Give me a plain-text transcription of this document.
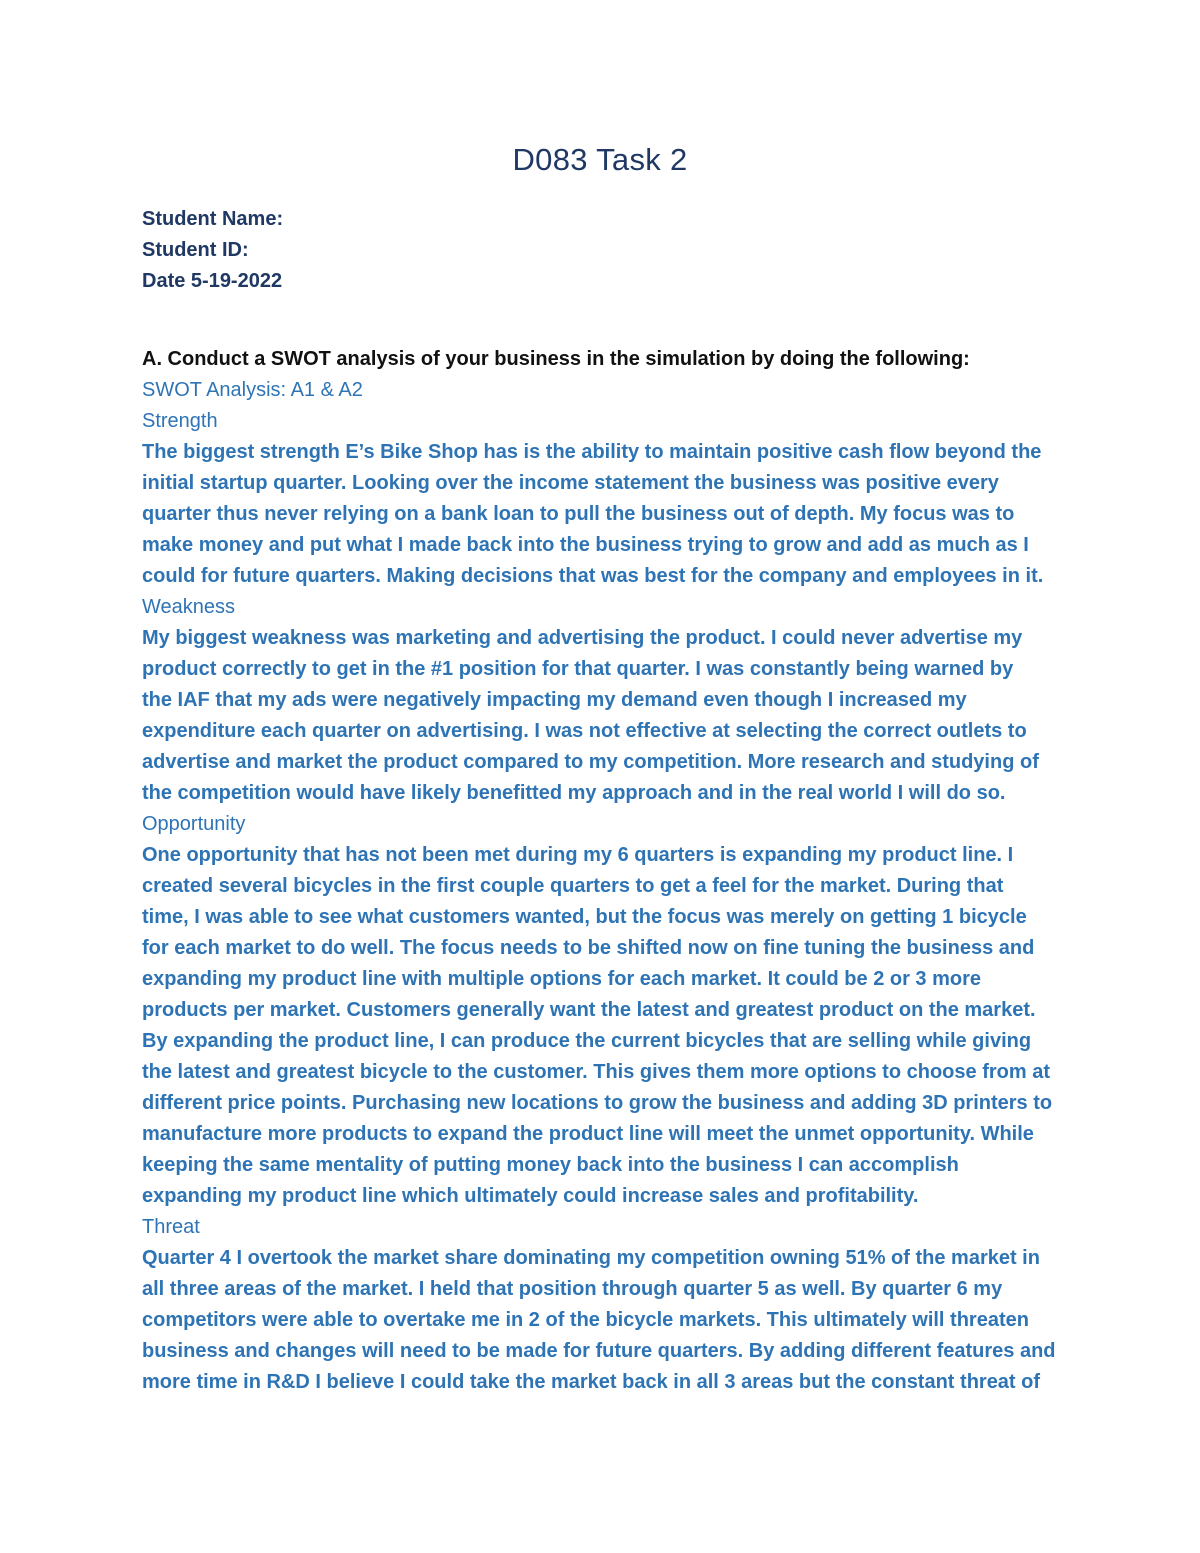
D083 Task 2
Student Name:
Student ID:
Date 5-19-2022
A. Conduct a SWOT analysis of your business in the simulation by doing the following:
SWOT Analysis: A1 & A2
Strength
The biggest strength E’s Bike Shop has is the ability to maintain positive cash flow beyond the
initial startup quarter. Looking over the income statement the business was positive every
quarter thus never relying on a bank loan to pull the business out of depth. My focus was to
make money and put what I made back into the business trying to grow and add as much as I
could for future quarters. Making decisions that was best for the company and employees in it.
Weakness
My biggest weakness was marketing and advertising the product. I could never advertise my
product correctly to get in the #1 position for that quarter. I was constantly being warned by
the IAF that my ads were negatively impacting my demand even though I increased my
expenditure each quarter on advertising. I was not effective at selecting the correct outlets to
advertise and market the product compared to my competition. More research and studying of
the competition would have likely benefitted my approach and in the real world I will do so.
Opportunity
One opportunity that has not been met during my 6 quarters is expanding my product line. I
created several bicycles in the first couple quarters to get a feel for the market. During that
time, I was able to see what customers wanted, but the focus was merely on getting 1 bicycle
for each market to do well. The focus needs to be shifted now on fine tuning the business and
expanding my product line with multiple options for each market. It could be 2 or 3 more
products per market. Customers generally want the latest and greatest product on the market.
By expanding the product line, I can produce the current bicycles that are selling while giving
the latest and greatest bicycle to the customer. This gives them more options to choose from at
different price points. Purchasing new locations to grow the business and adding 3D printers to
manufacture more products to expand the product line will meet the unmet opportunity. While
keeping the same mentality of putting money back into the business I can accomplish
expanding my product line which ultimately could increase sales and profitability.
Threat
Quarter 4 I overtook the market share dominating my competition owning 51% of the market in
all three areas of the market. I held that position through quarter 5 as well. By quarter 6 my
competitors were able to overtake me in 2 of the bicycle markets. This ultimately will threaten
business and changes will need to be made for future quarters. By adding different features and
more time in R&D I believe I could take the market back in all 3 areas but the constant threat of
